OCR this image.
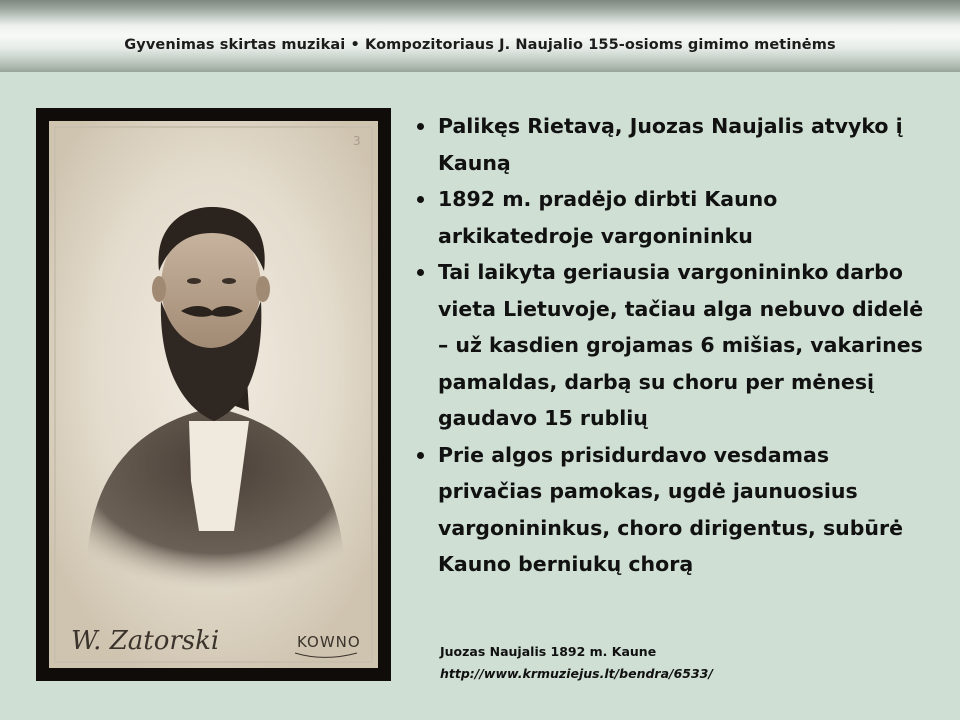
Gyvenimas skirtas muzikai • Kompozitoriaus J. Naujalio 155-osioms gimimo metinėms
W. Zatorski	KOWNO
3
Palikęs Rietavą, Juozas Naujalis atvyko į Kauną
1892 m. pradėjo dirbti Kauno arkikatedroje vargonininku
Tai laikyta geriausia vargonininko darbo vieta Lietuvoje, tačiau alga nebuvo didelė – už kasdien grojamas 6 mišias, vakarines pamaldas, darbą su choru per mėnesį gaudavo 15 rublių
Prie algos prisidurdavo vesdamas privačias pamokas, ugdė jaunuosius vargonininkus, choro dirigentus, subūrė Kauno berniukų chorą
Juozas Naujalis 1892 m. Kaune
http://www.krmuziejus.lt/bendra/6533/
